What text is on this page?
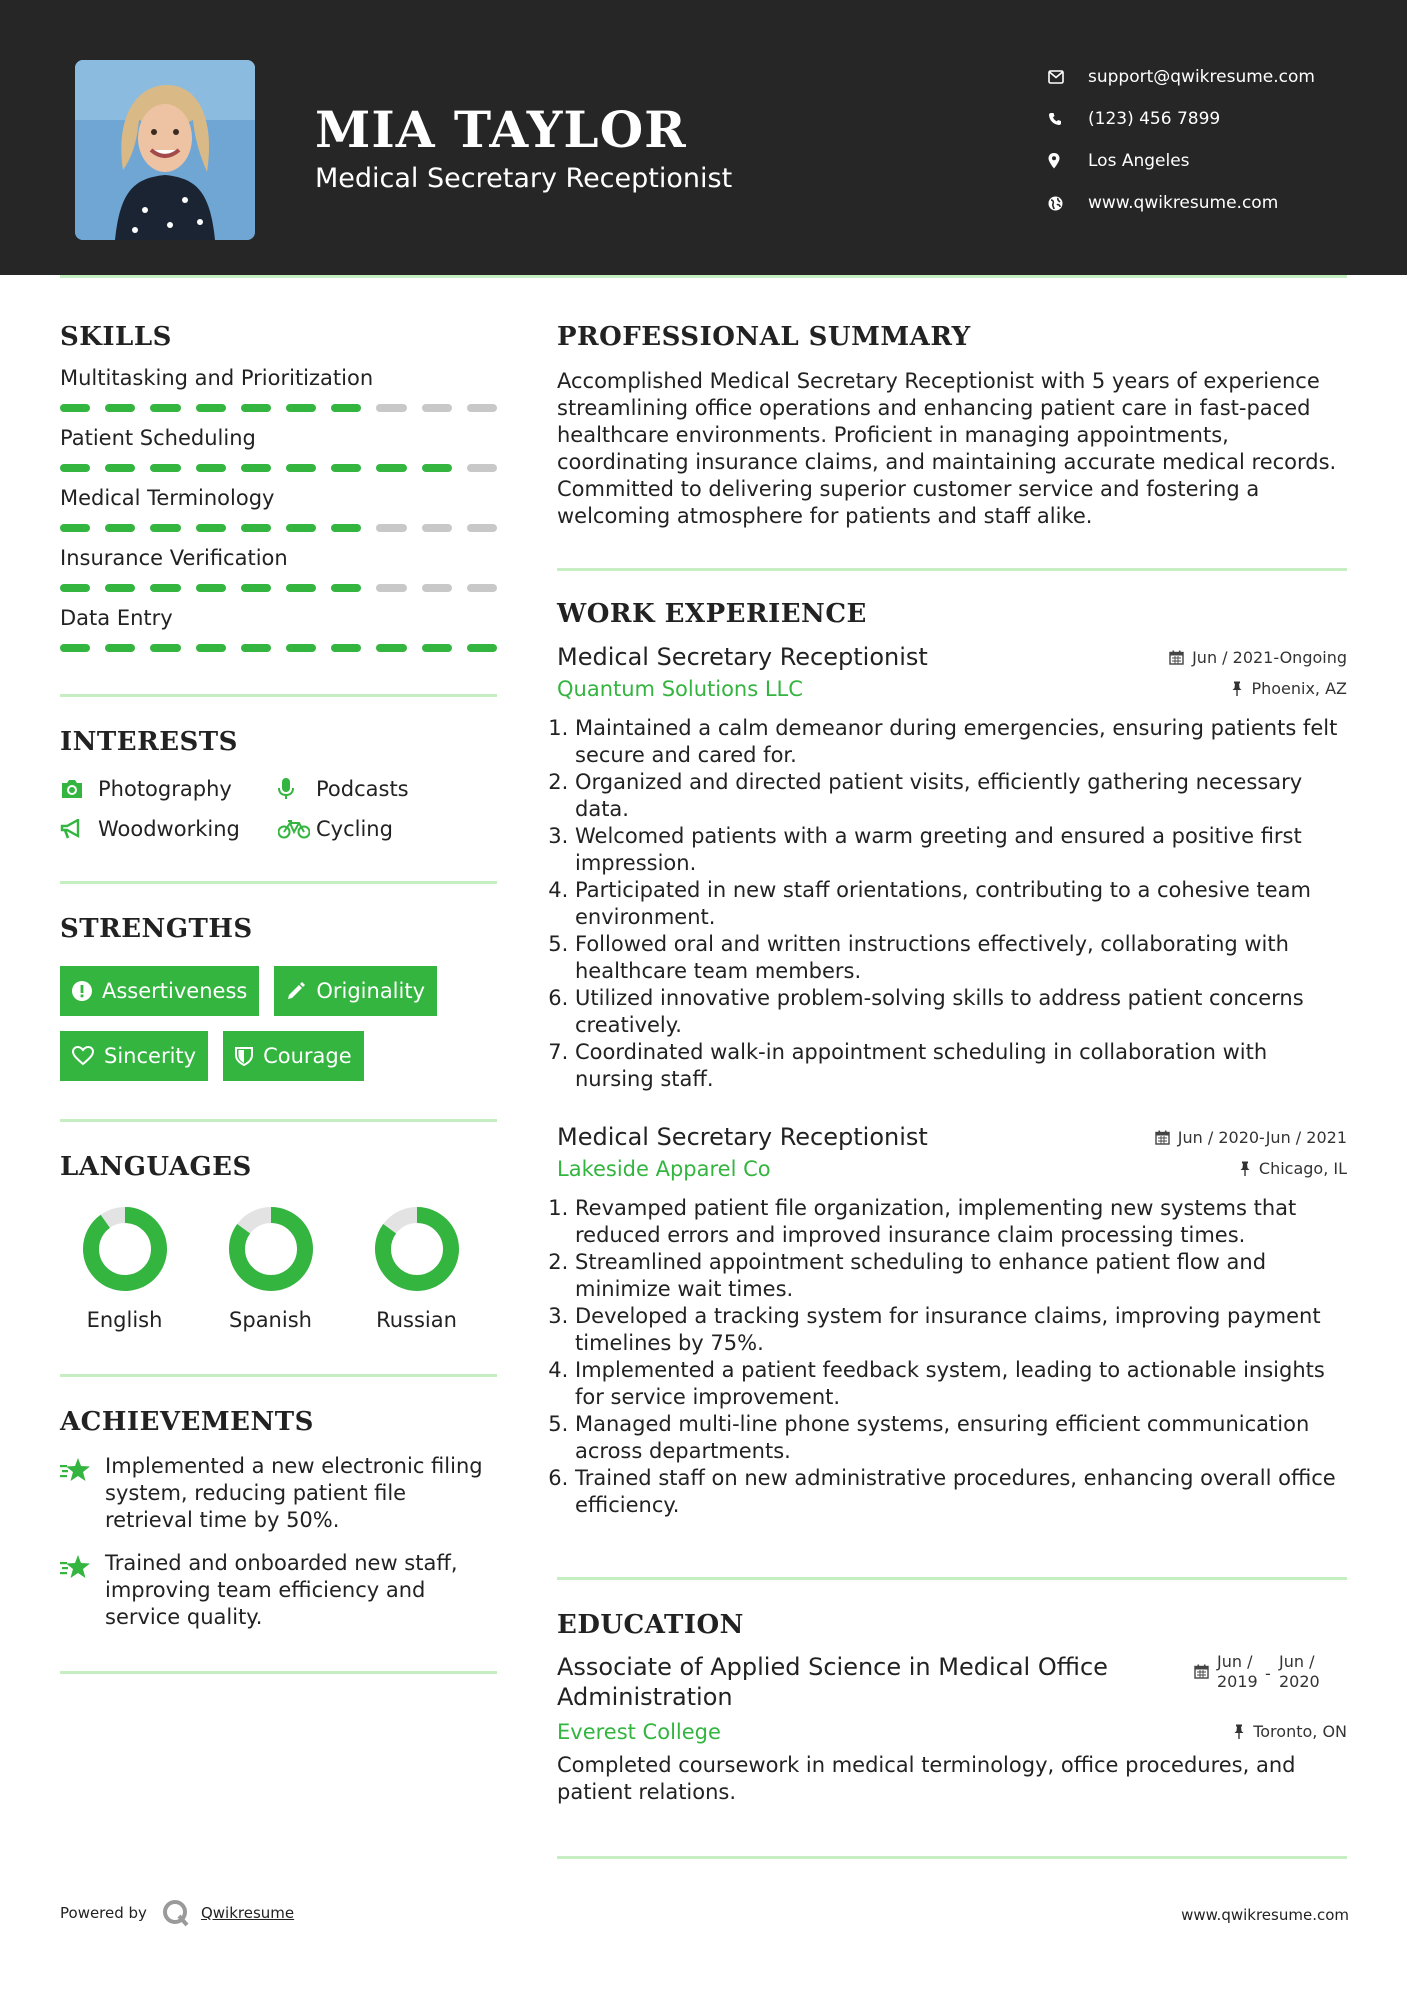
MIA TAYLOR
Medical Secretary Receptionist
support@qwikresume.com
(123) 456 7899
Los Angeles
www.qwikresume.com
SKILLS
Multitasking and Prioritization
Patient Scheduling
Medical Terminology
Insurance Verification
Data Entry
INTERESTS
Photography	Podcasts
Woodworking	Cycling
STRENGTHS
Assertiveness	Originality
Sincerity	Courage
LANGUAGES
English	Spanish	Russian
ACHIEVEMENTS
Implemented a new electronic filing system, reducing patient file retrieval time by 50%.
Trained and onboarded new staff, improving team efficiency and service quality.
PROFESSIONAL SUMMARY
Accomplished Medical Secretary Receptionist with 5 years of experience streamlining office operations and enhancing patient care in fast-paced healthcare environments. Proficient in managing appointments, coordinating insurance claims, and maintaining accurate medical records. Committed to delivering superior customer service and fostering a welcoming atmosphere for patients and staff alike.
WORK EXPERIENCE
Medical Secretary Receptionist	Jun / 2021-Ongoing
Quantum Solutions LLC	Phoenix, AZ
1. Maintained a calm demeanor during emergencies, ensuring patients felt secure and cared for.
2. Organized and directed patient visits, efficiently gathering necessary data.
3. Welcomed patients with a warm greeting and ensured a positive first impression.
4. Participated in new staff orientations, contributing to a cohesive team environment.
5. Followed oral and written instructions effectively, collaborating with healthcare team members.
6. Utilized innovative problem-solving skills to address patient concerns creatively.
7. Coordinated walk-in appointment scheduling in collaboration with nursing staff.
Medical Secretary Receptionist	Jun / 2020-Jun / 2021
Lakeside Apparel Co	Chicago, IL
1. Revamped patient file organization, implementing new systems that reduced errors and improved insurance claim processing times.
2. Streamlined appointment scheduling to enhance patient flow and minimize wait times.
3. Developed a tracking system for insurance claims, improving payment timelines by 75%.
4. Implemented a patient feedback system, leading to actionable insights for service improvement.
5. Managed multi-line phone systems, ensuring efficient communication across departments.
6. Trained staff on new administrative procedures, enhancing overall office efficiency.
EDUCATION
Associate of Applied Science in Medical Office Administration
Jun / 2019 -
Jun / 2020
Everest College	Toronto, ON
Completed coursework in medical terminology, office procedures, and patient relations.
Powered by	Qwikresume	www.qwikresume.com
